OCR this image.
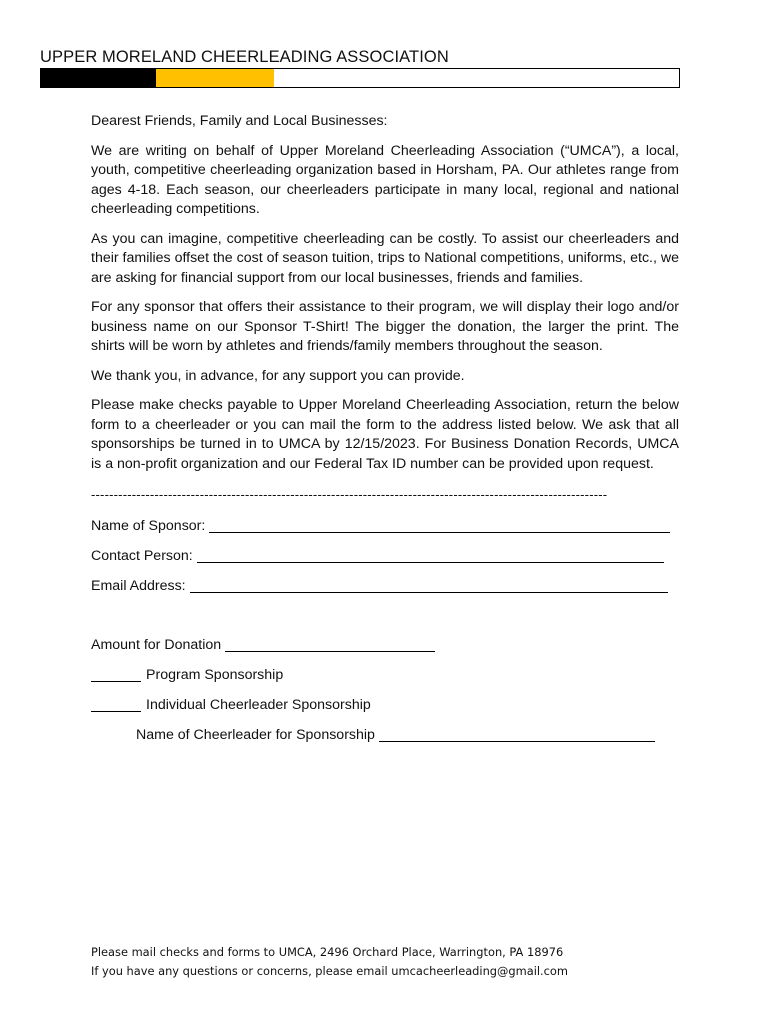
UPPER MORELAND CHEERLEADING ASSOCIATION

Dearest Friends, Family and Local Businesses:

We are writing on behalf of Upper Moreland Cheerleading Association (“UMCA”), a local, youth, competitive cheerleading organization based in Horsham, PA. Our athletes range from ages 4-18. Each season, our cheerleaders participate in many local, regional and national cheerleading competitions.

As you can imagine, competitive cheerleading can be costly. To assist our cheerleaders and their families offset the cost of season tuition, trips to National competitions, uniforms, etc., we are asking for financial support from our local businesses, friends and families.

For any sponsor that offers their assistance to their program, we will display their logo and/or business name on our Sponsor T-Shirt! The bigger the donation, the larger the print. The shirts will be worn by athletes and friends/family members throughout the season.

We thank you, in advance, for any support you can provide.

Please make checks payable to Upper Moreland Cheerleading Association, return the below form to a cheerleader or you can mail the form to the address listed below. We ask that all sponsorships be turned in to UMCA by 12/15/2023. For Business Donation Records, UMCA is a non-profit organization and our Federal Tax ID number can be provided upon request.

------------------------------------------------------------------------------------------------------------------
Name of Sponsor:
Contact Person:
Email Address:
Amount for Donation
Program Sponsorship
Individual Cheerleader Sponsorship
Name of Cheerleader for Sponsorship
Please mail checks and forms to UMCA, 2496 Orchard Place, Warrington, PA 18976
If you have any questions or concerns, please email umcacheerleading@gmail.com
